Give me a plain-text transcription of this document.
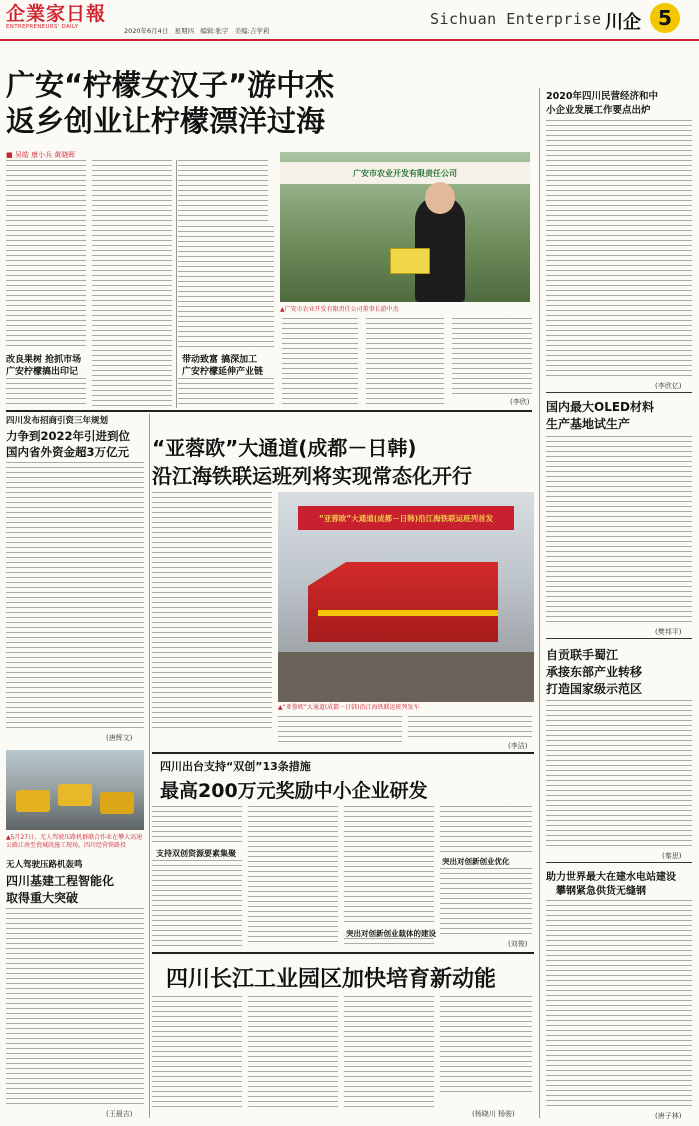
企業家日報
ENTREPRENEURS' DAILY	2020年6月4日 星期四 编辑:张宇 美编:吉学莉
Sichuan Enterprise 川企 5
广安“柠檬女汉子”游中杰
返乡创业让柠檬漂洋过海
■ 吴皓 康小兵 黄晓晖
改良果树 抢抓市场
广安柠檬搞出印记
广安市农业开发有限责任公司
▲广安市农业开发有限责任公司董事长游中杰
带动致富 搞深加工
广安柠檬延伸产业链
(李欣)
2020年四川民营经济和中
小企业发展工作要点出炉
(李欣亿)
国内最大OLED材料
生产基地试生产
(樊邦平)
自贡联手蜀江
承接东部产业转移
打造国家级示范区
(秦思)
助力世界最大在建水电站建设
攀钢紧急供货无缝钢
(唐子林)
四川发布招商引资三年规划
力争到2022年引进到位
国内省外资金超3万亿元
(唐辉文)
▲5月27日，无人驾驶压路机群联合作业在攀大高速公路江南至瓷城段施工现场。四川经营铁路投
无人驾驶压路机轰鸣
四川基建工程智能化
取得重大突破
(王晨吉)
“亚蓉欧”大通道(成都－日韩)
沿江海铁联运班列将实现常态化开行
“亚蓉欧”大通道(成都－日韩)沿江海铁联运班列首发
▲“亚蓉欧”大通道(成都－日韩)沿江海铁联运班列发车
(李洁)
四川出台支持“双创”13条措施
最高200万元奖励中小企业研发
支持双创资源要素集聚
突出对创新创业载体的建设
突出对创新创业优化
(刘俊)
四川长江工业园区加快培育新动能
(杨晓川 杨骏)
